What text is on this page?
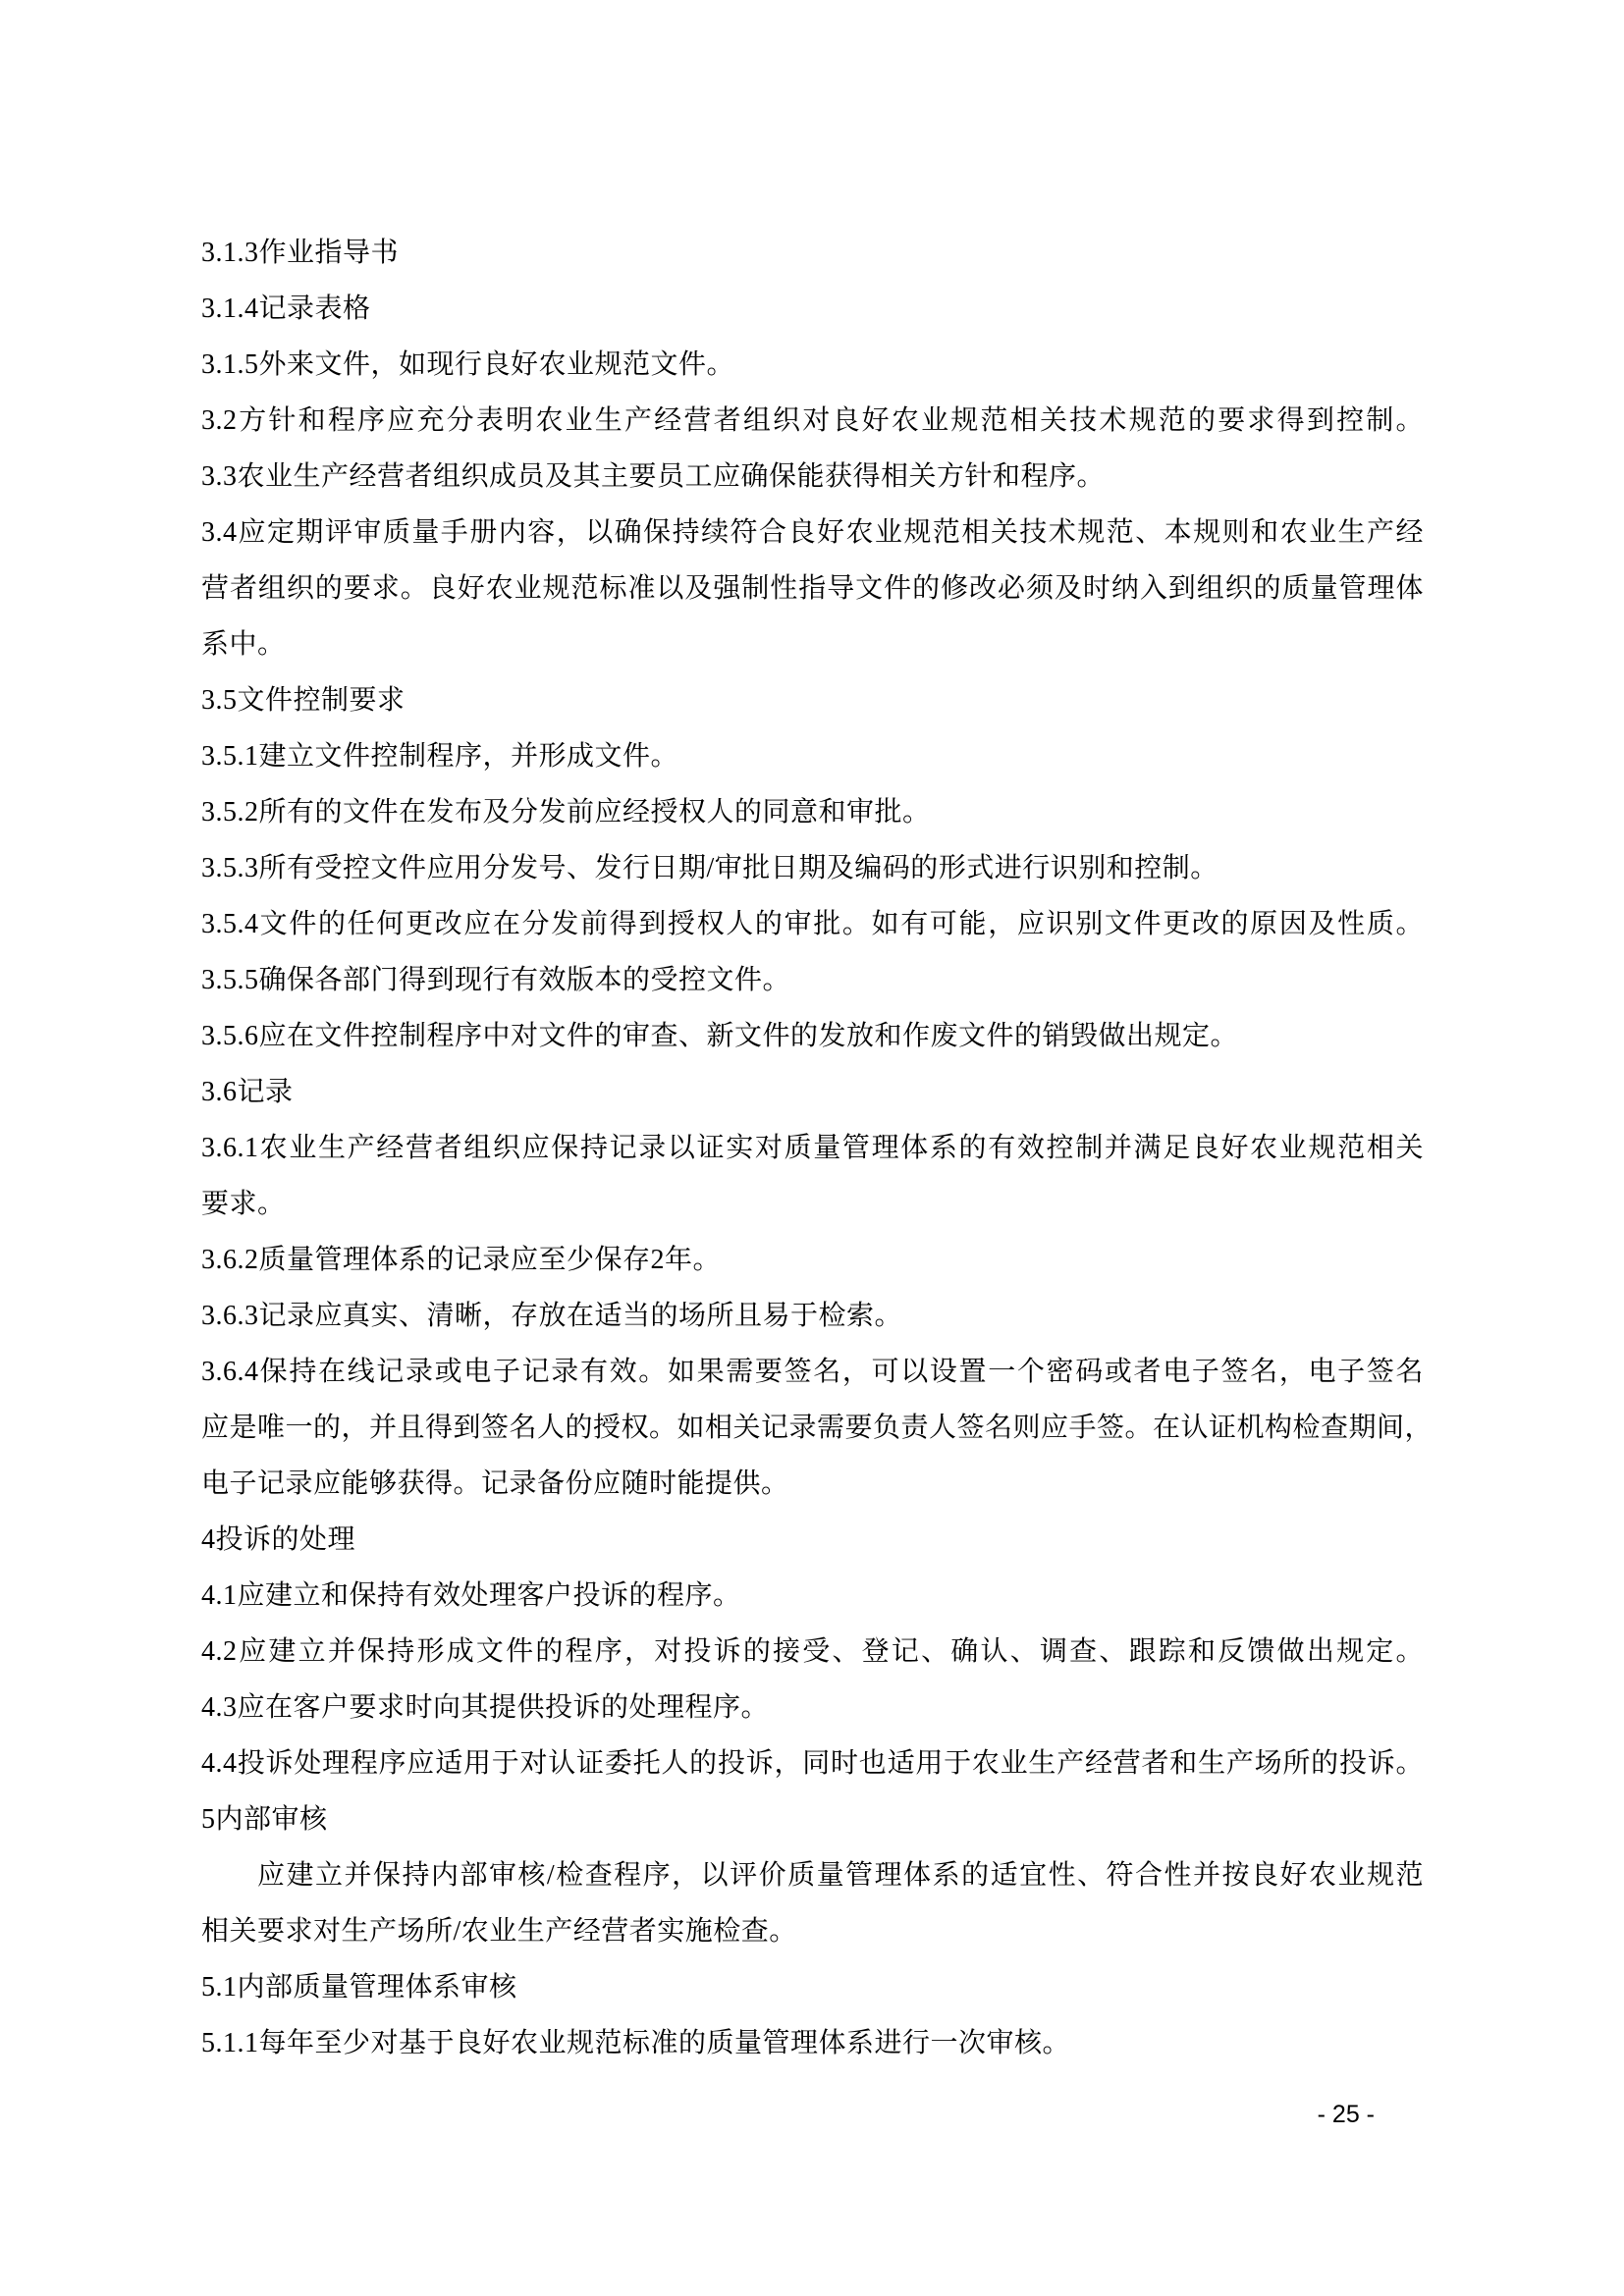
3.1.3作业指导书
3.1.4记录表格
3.1.5外来文件，如现行良好农业规范文件。
3.2方针和程序应充分表明农业生产经营者组织对良好农业规范相关技术规范的要求得到控制。
3.3农业生产经营者组织成员及其主要员工应确保能获得相关方针和程序。
3.4应定期评审质量手册内容，以确保持续符合良好农业规范相关技术规范、本规则和农业生产经
营者组织的要求。良好农业规范标准以及强制性指导文件的修改必须及时纳入到组织的质量管理体
系中。
3.5文件控制要求
3.5.1建立文件控制程序，并形成文件。
3.5.2所有的文件在发布及分发前应经授权人的同意和审批。
3.5.3所有受控文件应用分发号、发行日期/审批日期及编码的形式进行识别和控制。
3.5.4文件的任何更改应在分发前得到授权人的审批。如有可能，应识别文件更改的原因及性质。
3.5.5确保各部门得到现行有效版本的受控文件。
3.5.6应在文件控制程序中对文件的审查、新文件的发放和作废文件的销毁做出规定。
3.6记录
3.6.1农业生产经营者组织应保持记录以证实对质量管理体系的有效控制并满足良好农业规范相关
要求。
3.6.2质量管理体系的记录应至少保存2年。
3.6.3记录应真实、清晰，存放在适当的场所且易于检索。
3.6.4保持在线记录或电子记录有效。如果需要签名，可以设置一个密码或者电子签名，电子签名
应是唯一的，并且得到签名人的授权。如相关记录需要负责人签名则应手签。在认证机构检查期间，
电子记录应能够获得。记录备份应随时能提供。
4投诉的处理
4.1应建立和保持有效处理客户投诉的程序。
4.2应建立并保持形成文件的程序，对投诉的接受、登记、确认、调查、跟踪和反馈做出规定。
4.3应在客户要求时向其提供投诉的处理程序。
4.4投诉处理程序应适用于对认证委托人的投诉，同时也适用于农业生产经营者和生产场所的投诉。
5内部审核
应建立并保持内部审核/检查程序，以评价质量管理体系的适宜性、符合性并按良好农业规范
相关要求对生产场所/农业生产经营者实施检查。
5.1内部质量管理体系审核
5.1.1每年至少对基于良好农业规范标准的质量管理体系进行一次审核。
- 25 -
